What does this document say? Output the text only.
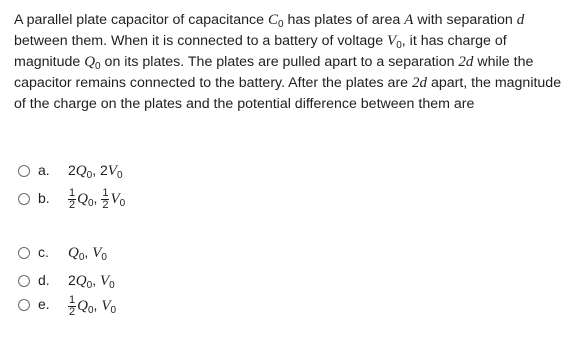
A parallel plate capacitor of capacitance $C_0$ has plates of area A with separation d between them. When it is connected to a battery of voltage $V_0$, it has charge of magnitude $Q_0$ on its plates. The plates are pulled apart to a separation 2d while the capacitor remains connected to the battery. After the plates are 2d apart, the magnitude of the charge on the plates and the potential difference between them are
a. $2Q_0$, $2V_0$
b. $\frac{1}{2} Q_0$, $\frac{1}{2} V_0$
c. $Q_0$, $V_0$
d. $2Q_0$, $V_0$
e. $\frac{1}{2} Q_0$, $V_0$
